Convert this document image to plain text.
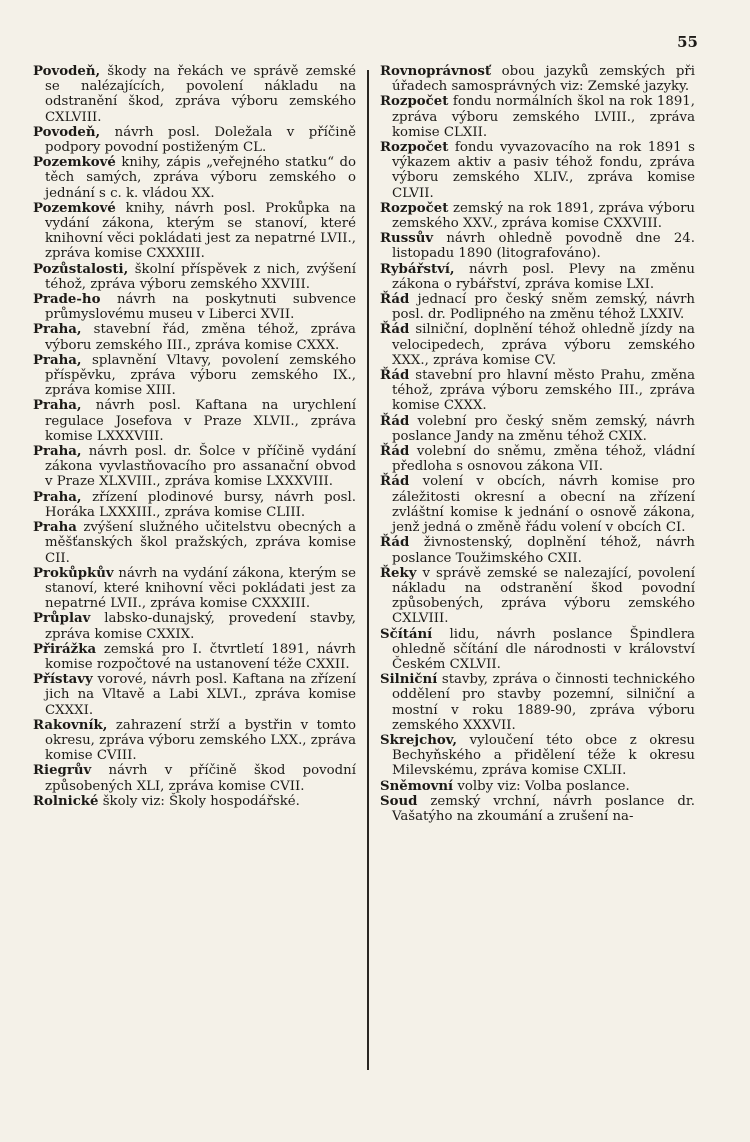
55

Povodeň, škody na řekách ve správě zemské se nalézajících, povolení nákladu na odstranění škod, zpráva výboru zemského CXLVIII.

Povodeň, návrh posl. Doležala v příčině podpory povodní postiženým CL.

Pozemkové knihy, zápis „veřejného statku“ do těch samých, zpráva výboru zemského o jednání s c. k. vládou XX.

Pozemkové knihy, návrh posl. Prokůpka na vydání zákona, kterým se stanoví, které knihovní věci pokládati jest za nepatrné LVII., zpráva komise CXXXIII.

Pozůstalosti, školní příspěvek z nich, zvýšení téhož, zpráva výboru zemského XXVIII.

Prade-ho návrh na poskytnuti subvence průmyslovému museu v Liberci XVII.

Praha, stavební řád, změna téhož, zpráva výboru zemského III., zpráva komise CXXX.

Praha, splavnění Vltavy, povolení zemského příspěvku, zpráva výboru zemského IX., zpráva komise XIII.

Praha, návrh posl. Kaftana na urychlení regulace Josefova v Praze XLVII., zpráva komise LXXXVIII.

Praha, návrh posl. dr. Šolce v příčině vydání zákona vyvlastňovacího pro assanační obvod v Praze XLXVIII., zpráva komise LXXXVIII.

Praha, zřízení plodinové bursy, návrh posl. Horáka LXXXIII., zpráva komise CLIII.

Praha zvýšení služného učitelstvu obecných a měšťanských škol pražských, zpráva komise CII.

Prokůpkův návrh na vydání zákona, kterým se stanoví, které knihovní věci pokládati jest za nepatrné LVII., zpráva komise CXXXIII.

Průplav labsko-dunajský, provedení stavby, zpráva komise CXXIX.

Přirážka zemská pro I. čtvrtletí 1891, návrh komise rozpočtové na ustanovení téže CXXII.

Přístavy vorové, návrh posl. Kaftana na zřízení jich na Vltavě a Labi XLVI., zpráva komise CXXXI.

Rakovník, zahrazení strží a bystřin v tomto okresu, zpráva výboru zemského LXX., zpráva komise CVIII.

Riegrův návrh v příčině škod povodní způsobených XLI, zpráva komise CVII.

Rolnické školy viz: Školy hospodářské.

Rovnoprávnosť obou jazyků zemských při úřadech samosprávných viz: Zemské jazyky.

Rozpočet fondu normálních škol na rok 1891, zpráva výboru zemského LVIII., zpráva komise CLXII.

Rozpočet fondu vyvazovacího na rok 1891 s výkazem aktiv a pasiv téhož fondu, zpráva výboru zemského XLIV., zpráva komise CLVII.

Rozpočet zemský na rok 1891, zpráva výboru zemského XXV., zpráva komise CXXVIII.

Russův návrh ohledně povodně dne 24. listopadu 1890 (litografováno).

Rybářství, návrh posl. Plevy na změnu zákona o rybářství, zpráva komise LXI.

Řád jednací pro český sněm zemský, návrh posl. dr. Podlipného na změnu téhož LXXIV.

Řád silniční, doplnění téhož ohledně jízdy na velocipedech, zpráva výboru zemského XXX., zpráva komise CV.

Řád stavební pro hlavní město Prahu, změna téhož, zpráva výboru zemského III., zpráva komise CXXX.

Řád volební pro český sněm zemský, návrh poslance Jandy na změnu téhož CXIX.

Řád volební do sněmu, změna téhož, vládní předloha s osnovou zákona VII.

Řád volení v obcích, návrh komise pro záležitosti okresní a obecní na zřízení zvláštní komise k jednání o osnově zákona, jenž jedná o změně řádu volení v obcích CI.

Řád živnostenský, doplnění téhož, návrh poslance Toužimského CXII.

Řeky v správě zemské se nalezající, povolení nákladu na odstranění škod povodní způsobených, zpráva výboru zemského CXLVIII.

Sčítání lidu, návrh poslance Špindlera ohledně sčítání dle národnosti v království Českém CXLVII.

Silniční stavby, zpráva o činnosti technického oddělení pro stavby pozemní, silniční a mostní v roku 1889-90, zpráva výboru zemského XXXVII.

Skrejchov, vyloučení této obce z okresu Bechyňského a přidělení téže k okresu Milevskému, zpráva komise CXLII.

Sněmovní volby viz: Volba poslance.

Soud zemský vrchní, návrh poslance dr. Vašatýho na zkoumání a zrušení na-
